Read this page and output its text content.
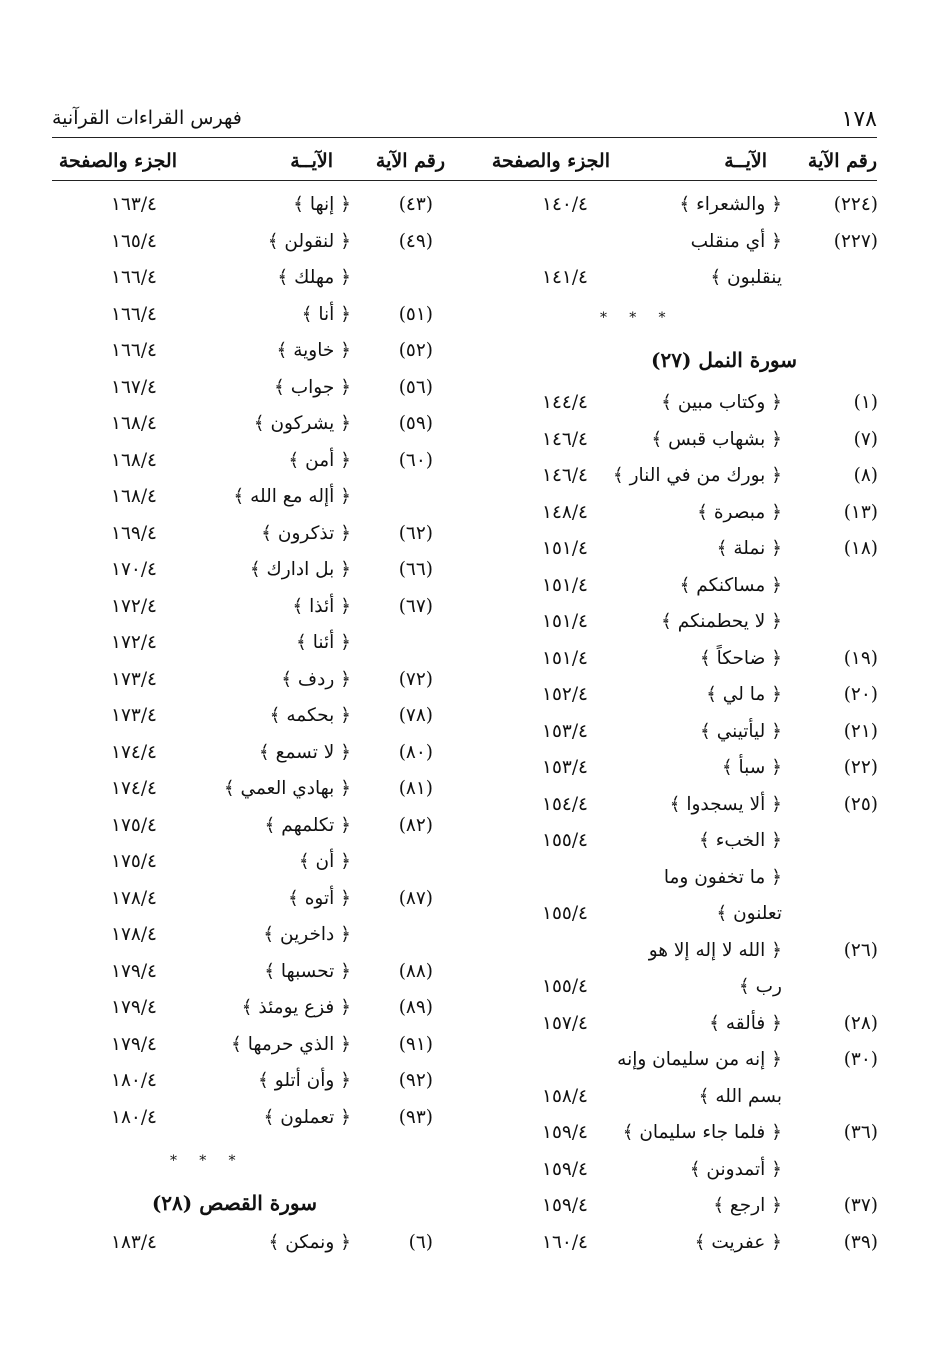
١٧٨
فهرس القراءات القرآنية
رقم الآية
الآيــة
الجزء والصفحة
رقم الآية
الآيــة
الجزء والصفحة
(٢٢٤)
﴿ والشعراء ﴾
١٤٠/٤
(٢٢٧)
﴿ أي منقلب
ينقلبون ﴾
١٤١/٤
*     *     *
سورة النمل (٢٧)
(١)
﴿ وكتاب مبين ﴾
١٤٤/٤
(٧)
﴿ بشهاب قبس ﴾
١٤٦/٤
(٨)
﴿ بورك من في النار ﴾
١٤٦/٤
(١٣)
﴿ مبصرة ﴾
١٤٨/٤
(١٨)
﴿ نملة ﴾
١٥١/٤
﴿ مساكنكم ﴾
١٥١/٤
﴿ لا يحطمنكم ﴾
١٥١/٤
(١٩)
﴿ ضاحكاً ﴾
١٥١/٤
(٢٠)
﴿ ما لي ﴾
١٥٢/٤
(٢١)
﴿ ليأتيني ﴾
١٥٣/٤
(٢٢)
﴿ سبأ ﴾
١٥٣/٤
(٢٥)
﴿ ألا يسجدوا ﴾
١٥٤/٤
﴿ الخبء ﴾
١٥٥/٤
﴿ ما تخفون وما
تعلنون ﴾
١٥٥/٤
(٢٦)
﴿ الله لا إله إلا هو
رب ﴾
١٥٥/٤
(٢٨)
﴿ فألقه ﴾
١٥٧/٤
(٣٠)
﴿ إنه من سليمان وإنه
بسم الله ﴾
١٥٨/٤
(٣٦)
﴿ فلما جاء سليمان ﴾
١٥٩/٤
﴿ أتمدونن ﴾
١٥٩/٤
(٣٧)
﴿ ارجع ﴾
١٥٩/٤
(٣٩)
﴿ عفريت ﴾
١٦٠/٤
(٤٣)
﴿ إنها ﴾
١٦٣/٤
(٤٩)
﴿ لنقولن ﴾
١٦٥/٤
﴿ مهلك ﴾
١٦٦/٤
(٥١)
﴿ أنا ﴾
١٦٦/٤
(٥٢)
﴿ خاوية ﴾
١٦٦/٤
(٥٦)
﴿ جواب ﴾
١٦٧/٤
(٥٩)
﴿ يشركون ﴾
١٦٨/٤
(٦٠)
﴿ أمن ﴾
١٦٨/٤
﴿ أإله مع الله ﴾
١٦٨/٤
(٦٢)
﴿ تذكرون ﴾
١٦٩/٤
(٦٦)
﴿ بل ادارك ﴾
١٧٠/٤
(٦٧)
﴿ أئذا ﴾
١٧٢/٤
﴿ أئنا ﴾
١٧٢/٤
(٧٢)
﴿ ردف ﴾
١٧٣/٤
(٧٨)
﴿ بحكمه ﴾
١٧٣/٤
(٨٠)
﴿ لا تسمع ﴾
١٧٤/٤
(٨١)
﴿ بهادي العمي ﴾
١٧٤/٤
(٨٢)
﴿ تكلمهم ﴾
١٧٥/٤
﴿ أن ﴾
١٧٥/٤
(٨٧)
﴿ أتوه ﴾
١٧٨/٤
﴿ داخرين ﴾
١٧٨/٤
(٨٨)
﴿ تحسبها ﴾
١٧٩/٤
(٨٩)
﴿ فزع يومئذ ﴾
١٧٩/٤
(٩١)
﴿ الذي حرمها ﴾
١٧٩/٤
(٩٢)
﴿ وأن أتلو ﴾
١٨٠/٤
(٩٣)
﴿ تعملون ﴾
١٨٠/٤
*     *     *
سورة القصص (٢٨)
(٦)
﴿ ونمكن ﴾
١٨٣/٤
